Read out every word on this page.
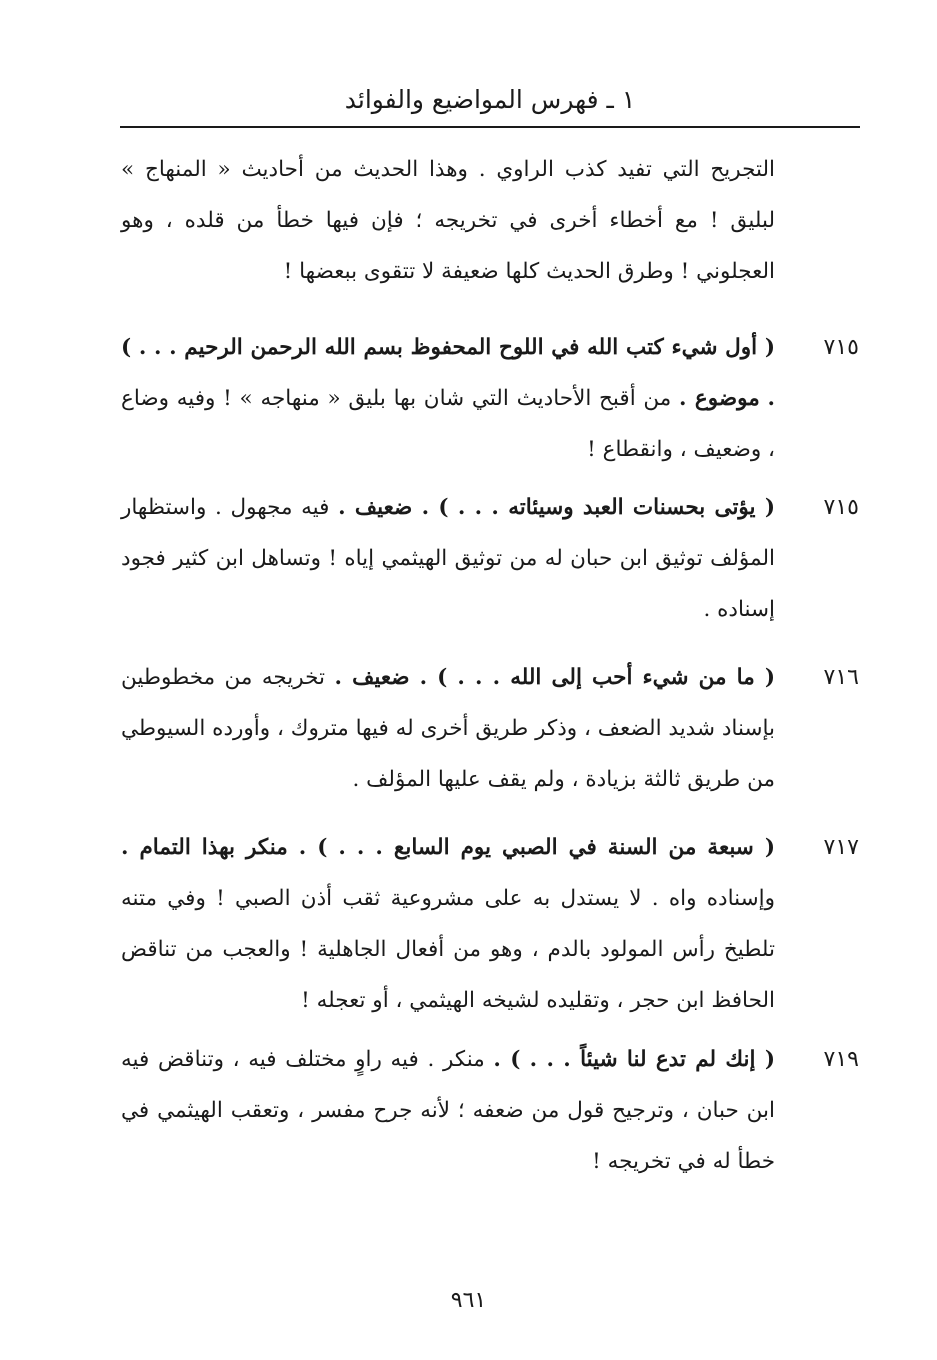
١ ـ فهرس المواضيع والفوائد
التجريح التي تفيد كذب الراوي . وهذا الحديث من أحاديث « المنهاج » لبليق ! مع أخطاء أخرى في تخريجه ؛ فإن فيها خطأ من قلده ، وهو العجلوني ! وطرق الحديث كلها ضعيفة لا تتقوى ببعضها !
٧١٥
( أول شيء كتب الله في اللوح المحفوظ بسم الله الرحمن الرحيم . . . ) . موضوع . من أقبح الأحاديث التي شان بها بليق « منهاجه » ! وفيه وضاع ، وضعيف ، وانقطاع !
٧١٥
( يؤتى بحسنات العبد وسيئاته . . . ) . ضعيف . فيه مجهول . واستظهار المؤلف توثيق ابن حبان له من توثيق الهيثمي إياه ! وتساهل ابن كثير فجود إسناده .
٧١٦
( ما من شيء أحب إلى الله . . . ) . ضعيف . تخريجه من مخطوطين بإسناد شديد الضعف ، وذكر طريق أخرى له فيها متروك ، وأورده السيوطي من طريق ثالثة بزيادة ، ولم يقف عليها المؤلف .
٧١٧
( سبعة من السنة في الصبي يوم السابع . . . ) . منكر بهذا التمام . وإسناده واه . لا يستدل به على مشروعية ثقب أذن الصبي ! وفي متنه تلطيخ رأس المولود بالدم ، وهو من أفعال الجاهلية ! والعجب من تناقض الحافظ ابن حجر ، وتقليده لشيخه الهيثمي ، أو تعجله !
٧١٩
( إنك لم تدع لنا شيئاً . . . ) . منكر . فيه راوٍ مختلف فيه ، وتناقض فيه ابن حبان ، وترجيح قول من ضعفه ؛ لأنه جرح مفسر ، وتعقب الهيثمي في خطأ له في تخريجه !
٩٦١
